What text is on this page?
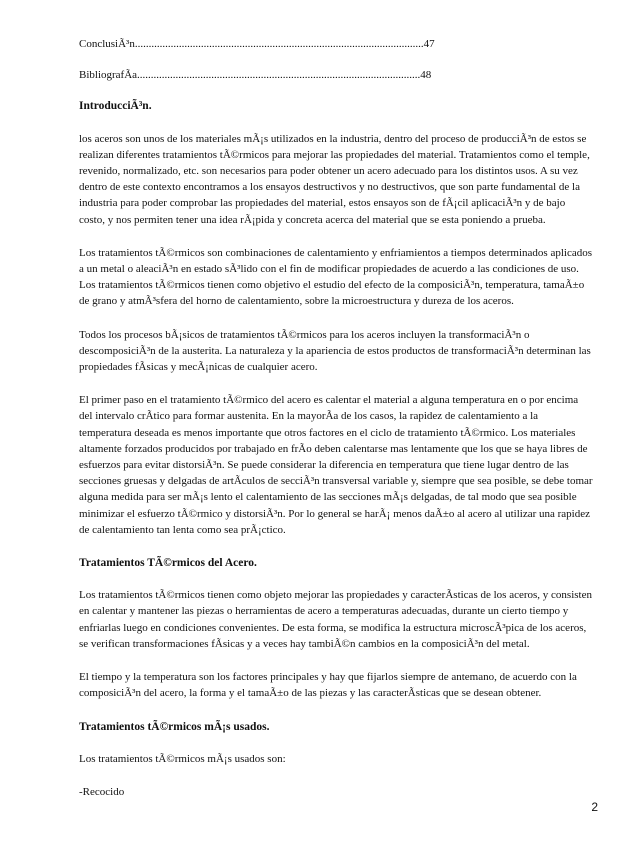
ConclusiÃ³n.........................................................................................................47
BibliografÃa.......................................................................................................48
IntroducciÃ³n.

los aceros son unos de los materiales mÃ¡s utilizados en la industria, dentro del proceso de producciÃ³n de estos se realizan diferentes tratamientos tÃ©rmicos para mejorar las propiedades del material. Tratamientos como el temple, revenido, normalizado, etc. son necesarios para poder obtener un acero adecuado para los distintos usos. A su vez dentro de este contexto encontramos a los ensayos destructivos y no destructivos, que son parte fundamental de la industria para poder comprobar las propiedades del material, estos ensayos son de fÃ¡cil aplicaciÃ³n y de bajo costo, y nos permiten tener una idea rÃ¡pida y concreta acerca del material que se esta poniendo a prueba.

Los tratamientos tÃ©rmicos son combinaciones de calentamiento y enfriamientos a tiempos determinados aplicados a un metal o aleaciÃ³n en estado sÃ³lido con el fin de modificar propiedades de acuerdo a las condiciones de uso. Los tratamientos tÃ©rmicos tienen como objetivo el estudio del efecto de la composiciÃ³n, temperatura, tamaÃ±o de grano y atmÃ³sfera del horno de calentamiento, sobre la microestructura y dureza de los aceros.

Todos los procesos bÃ¡sicos de tratamientos tÃ©rmicos para los aceros incluyen la transformaciÃ³n o descomposiciÃ³n de la austerita. La naturaleza y la apariencia de estos productos de transformaciÃ³n determinan las propiedades fÃsicas y mecÃ¡nicas de cualquier acero.

El primer paso en el tratamiento tÃ©rmico del acero es calentar el material a alguna temperatura en o por encima del intervalo crÃtico para formar austenita. En la mayorÃa de los casos, la rapidez de calentamiento a la temperatura deseada es menos importante que otros factores en el ciclo de tratamiento tÃ©rmico. Los materiales altamente forzados producidos por trabajado en frÃo deben calentarse mas lentamente que los que se haya libres de esfuerzos para evitar distorsiÃ³n. Se puede considerar la diferencia en temperatura que tiene lugar dentro de las secciones gruesas y delgadas de artÃculos de secciÃ³n transversal variable y, siempre que sea posible, se debe tomar alguna medida para ser mÃ¡s lento el calentamiento de las secciones mÃ¡s delgadas, de tal modo que sea posible minimizar el esfuerzo tÃ©rmico y distorsiÃ³n. Por lo general se harÃ¡ menos daÃ±o al acero al utilizar una rapidez de calentamiento tan lenta como sea prÃ¡ctico.

Tratamientos TÃ©rmicos del Acero.

Los tratamientos tÃ©rmicos tienen como objeto mejorar las propiedades y caracterÃsticas de los aceros, y consisten en calentar y mantener las piezas o herramientas de acero a temperaturas adecuadas, durante un cierto tiempo y enfriarlas luego en condiciones convenientes. De esta forma, se modifica la estructura microscÃ³pica de los aceros, se verifican transformaciones fÃsicas y a veces hay tambiÃ©n cambios en la composiciÃ³n del metal.

El tiempo y la temperatura son los factores principales y hay que fijarlos siempre de antemano, de acuerdo con la composiciÃ³n del acero, la forma y el tamaÃ±o de las piezas y las caracterÃsticas que se desean obtener.

Tratamientos tÃ©rmicos mÃ¡s usados.

Los tratamientos tÃ©rmicos mÃ¡s usados son:

-Recocido

2
